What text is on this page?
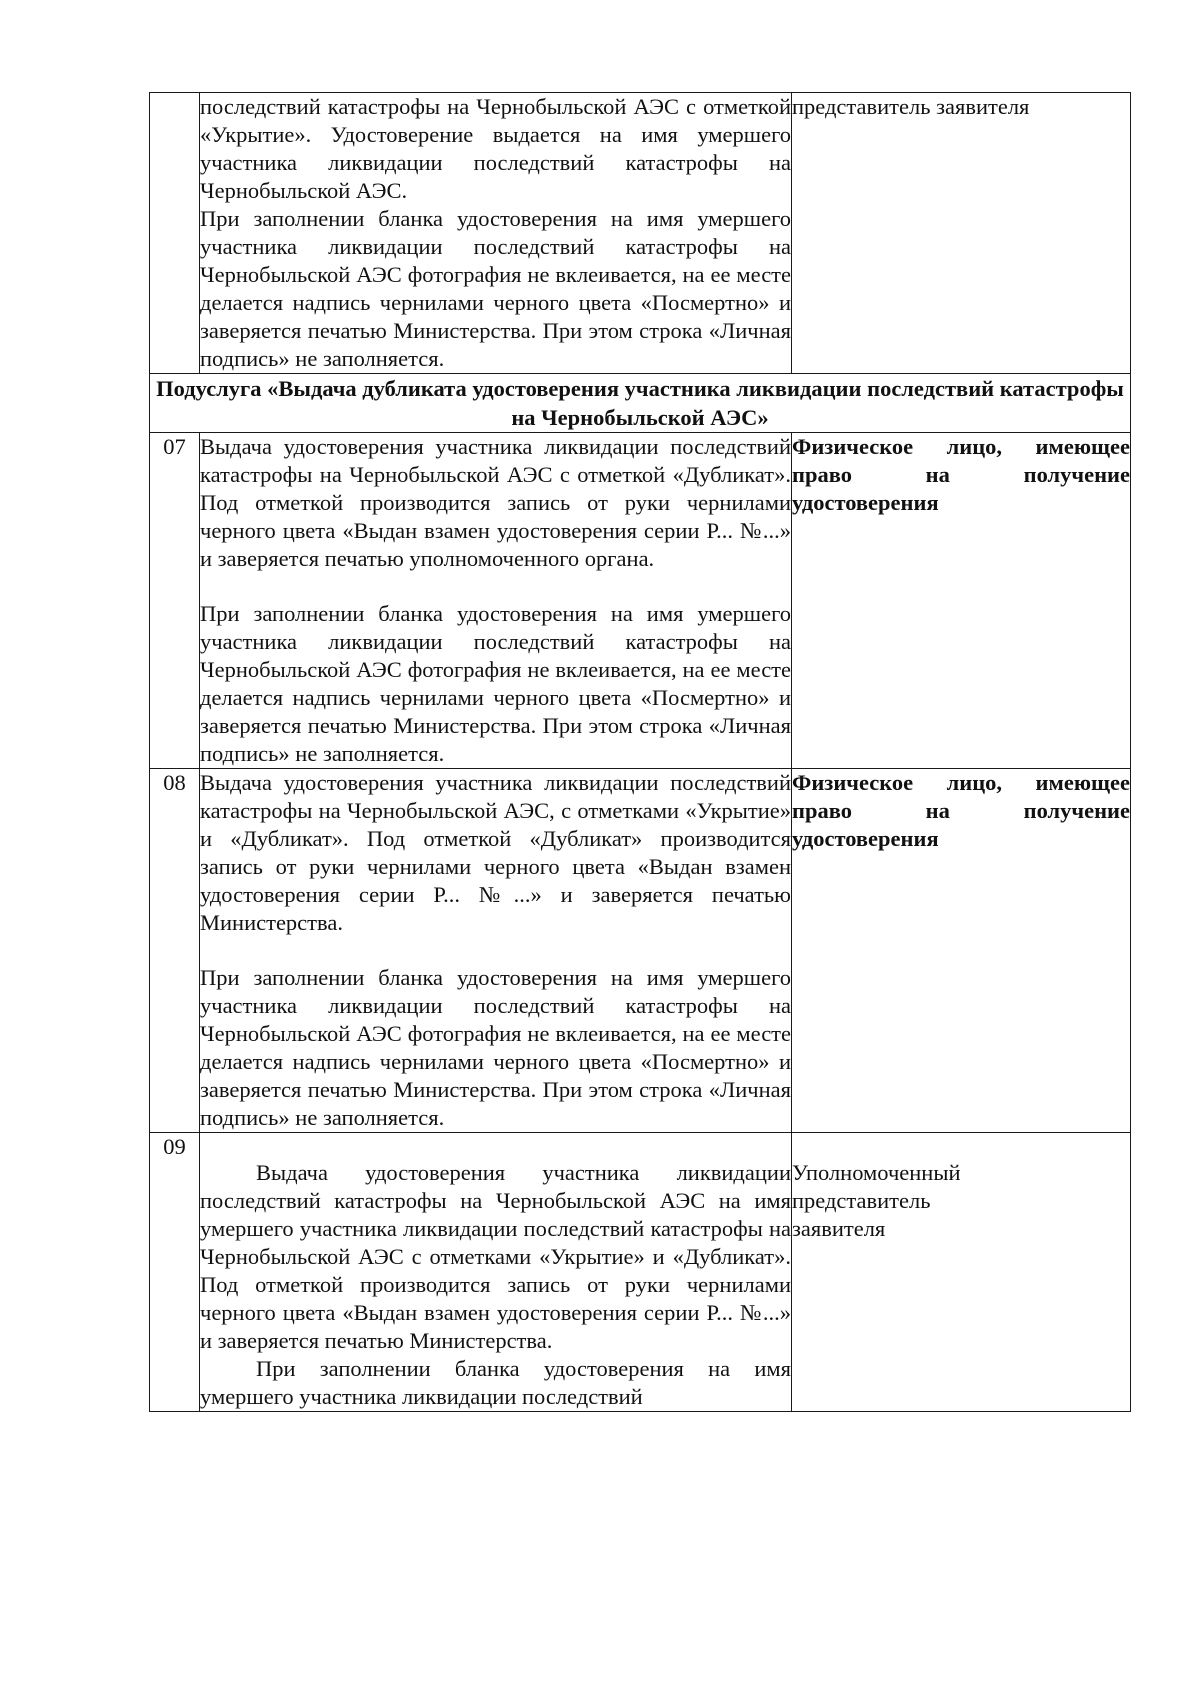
	последствий катастрофы на Чернобыльской АЭС с отметкой «Укрытие». Удостоверение выдается на имя умершего участника ликвидации последствий катастрофы на Чернобыльской АЭС.

При заполнении бланка удостоверения на имя умершего участника ликвидации последствий катастрофы на Чернобыльской АЭС фотография не вклеивается, на ее месте делается надпись чернилами черного цвета «Посмертно» и заверяется печатью Министерства. При этом строка «Личная подпись» не заполняется.	представитель заявителя
Подуслуга «Выдача дубликата удостоверения участника ликвидации последствий катастрофы на Чернобыльской АЭС»		
07	Выдача удостоверения участника ликвидации последствий катастрофы на Чернобыльской АЭС с отметкой «Дубликат». Под отметкой производится запись от руки чернилами черного цвета «Выдан взамен удостоверения серии Р... №...» и заверяется печатью уполномоченного органа.

При заполнении бланка удостоверения на имя умершего участника ликвидации последствий катастрофы на Чернобыльской АЭС фотография не вклеивается, на ее месте делается надпись чернилами черного цвета «Посмертно» и заверяется печатью Министерства. При этом строка «Личная подпись» не заполняется.	Физическое лицо, имеющее право на получение удостоверения

08	Выдача удостоверения участника ликвидации последствий катастрофы на Чернобыльской АЭС, с отметками «Укрытие» и «Дубликат». Под отметкой «Дубликат» производится запись от руки чернилами черного цвета «Выдан взамен удостоверения серии Р... №...» и заверяется печатью Министерства.

При заполнении бланка удостоверения на имя умершего участника ликвидации последствий катастрофы на Чернобыльской АЭС фотография не вклеивается, на ее месте делается надпись чернилами черного цвета «Посмертно» и заверяется печатью Министерства. При этом строка «Личная подпись» не заполняется.	Физическое лицо, имеющее право на получение удостоверения

09	Выдача удостоверения участника ликвидации последствий катастрофы на Чернобыльской АЭС на имя умершего участника ликвидации последствий катастрофы на Чернобыльской АЭС с отметками «Укрытие» и «Дубликат». Под отметкой производится запись от руки чернилами черного цвета «Выдан взамен удостоверения серии Р... №...» и заверяется печатью Министерства.

При заполнении бланка удостоверения на имя умершего участника ликвидации последствий	Уполномоченный представитель заявителя
